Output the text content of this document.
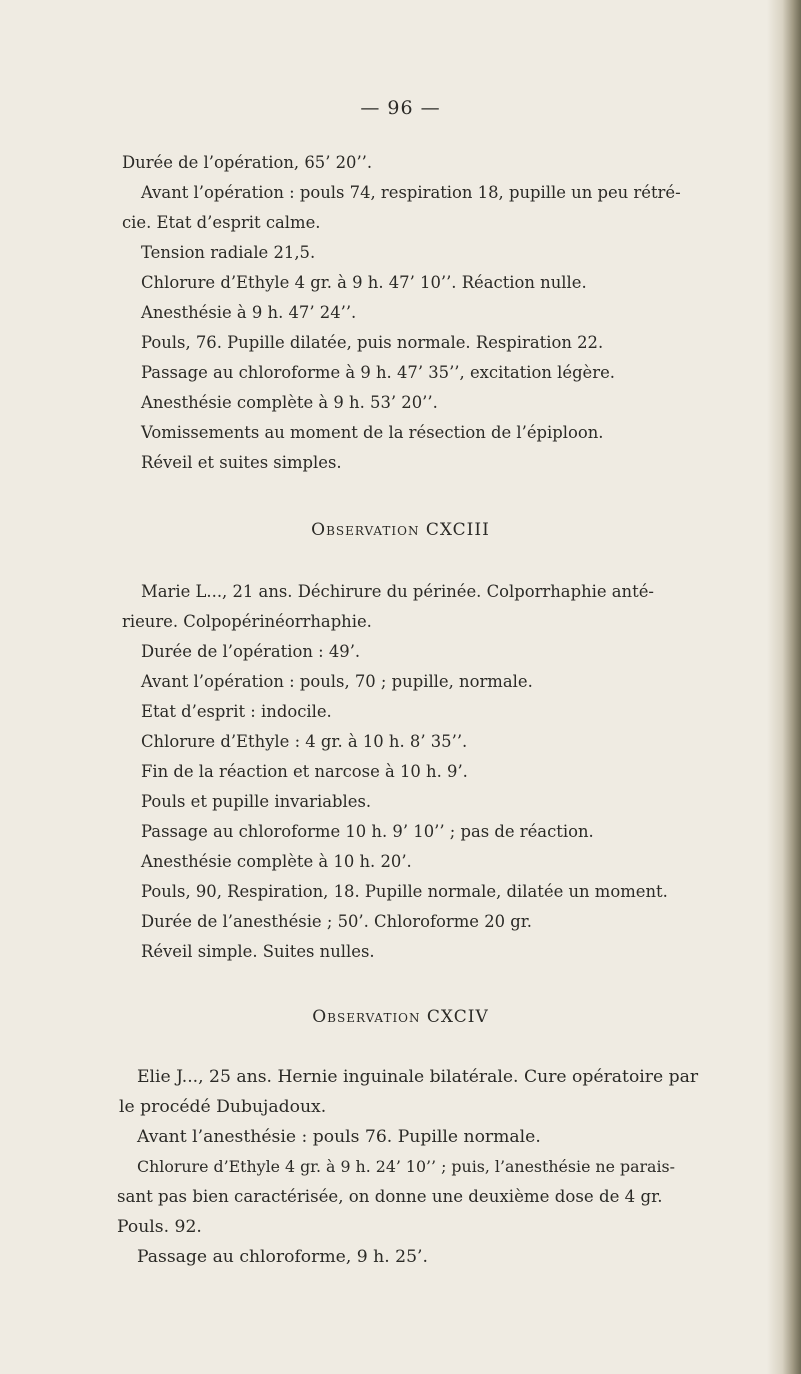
— 96 —
Durée de l’opération, 65’ 20’’.
Avant l’opération : pouls 74, respiration 18, pupille un peu rétré-
cie. Etat d’esprit calme.
Tension radiale 21,5.
Chlorure d’Ethyle 4 gr. à 9 h. 47’ 10’’. Réaction nulle.
Anesthésie à 9 h. 47’ 24’’.
Pouls, 76. Pupille dilatée, puis normale. Respiration 22.
Passage au chloroforme à 9 h. 47’ 35’’, excitation légère.
Anesthésie complète à 9 h. 53’ 20’’.
Vomissements au moment de la résection de l’épiploon.
Réveil et suites simples.
Observation CXCIII
Marie L..., 21 ans. Déchirure du périnée. Colporrhaphie anté-
rieure. Colpopérinéorrhaphie.
Durée de l’opération : 49’.
Avant l’opération : pouls, 70 ; pupille, normale.
Etat d’esprit : indocile.
Chlorure d’Ethyle : 4 gr. à 10 h. 8’ 35’’.
Fin de la réaction et narcose à 10 h. 9’.
Pouls et pupille invariables.
Passage au chloroforme 10 h. 9’ 10’’ ; pas de réaction.
Anesthésie complète à 10 h. 20’.
Pouls, 90, Respiration, 18. Pupille normale, dilatée un moment.
Durée de l’anesthésie ; 50’. Chloroforme 20 gr.
Réveil simple. Suites nulles.
Observation CXCIV
Elie J..., 25 ans. Hernie inguinale bilatérale. Cure opératoire par
le procédé Dubujadoux.
Avant l’anesthésie : pouls 76. Pupille normale.
Chlorure d’Ethyle 4 gr. à 9 h. 24’ 10’’ ; puis, l’anesthésie ne parais-
sant pas bien caractérisée, on donne une deuxième dose de 4 gr.
Pouls. 92.
Passage au chloroforme, 9 h. 25’.
